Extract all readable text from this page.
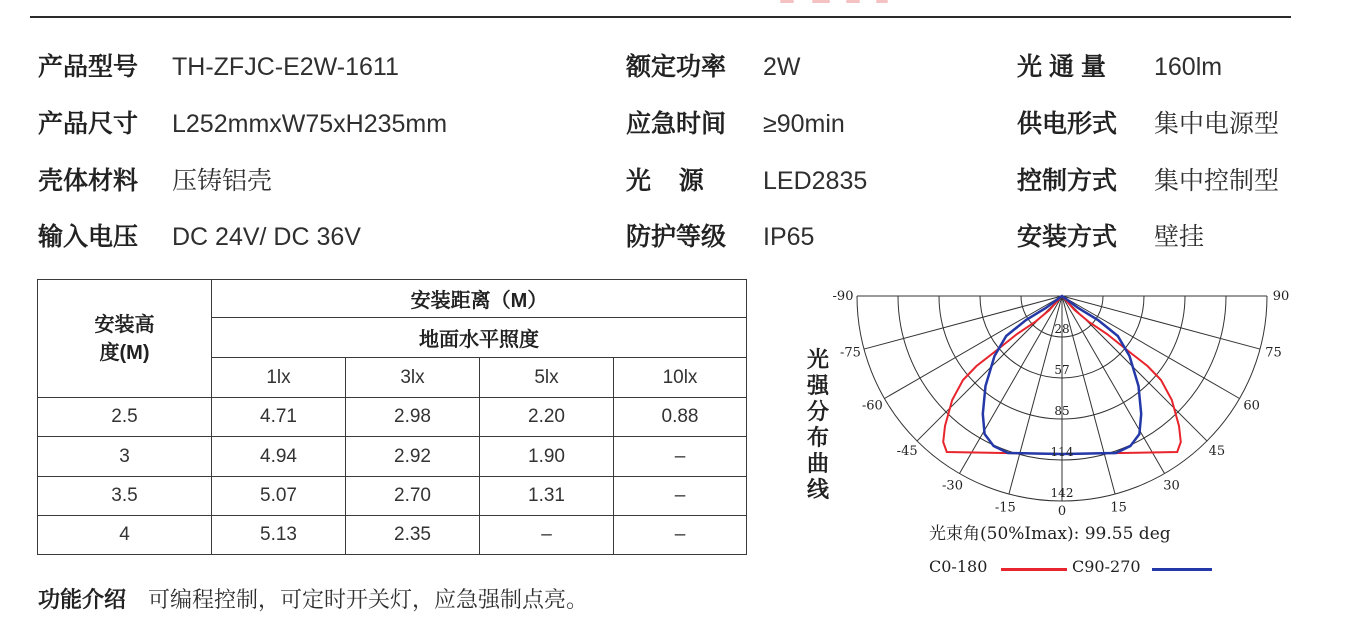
产品型号 TH-ZFJC-E2W-1611	额定功率 2W	光 通 量 160lm
产品尺寸 L252mmxW75xH235mm	应急时间 ≥90min	供电形式 集中电源型
壳体材料 压铸铝壳	光    源 LED2835	控制方式 集中控制型
输入电压 DC 24V/ DC 36V	防护等级 IP65	安装方式 壁挂
安装高度(M)	安装距离（M）			
	地面水平照度			
	1lx	3lx	5lx	10lx
2.5	4.71	2.98	2.20	0.88
3	4.94	2.92	1.90	–
3.5	5.07	2.70	1.31	–
4	5.13	2.35	–	–
光强分布曲线
-90
-75
-60
-45
-30
-15
90
75
60
45
30
15
0
28
57
85
114
142
光束角(50%Imax): 99.55 deg
C0-180	C90-270
功能介绍 可编程控制，可定时开关灯，应急强制点亮。
